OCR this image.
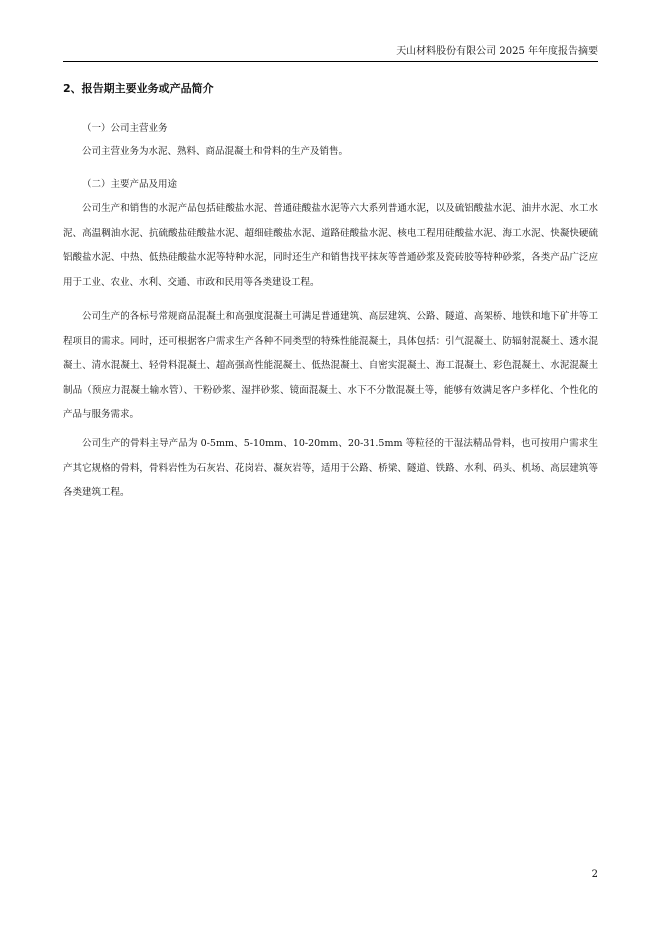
天山材料股份有限公司 2025 年年度报告摘要
2、报告期主要业务或产品简介
（一）公司主营业务

公司主营业务为水泥、熟料、商品混凝土和骨料的生产及销售。

（二）主要产品及用途

公司生产和销售的水泥产品包括硅酸盐水泥、普通硅酸盐水泥等六大系列普通水泥，以及硫铝酸盐水泥、油井水泥、水工水泥、高温稠油水泥、抗硫酸盐硅酸盐水泥、超细硅酸盐水泥、道路硅酸盐水泥、核电工程用硅酸盐水泥、海工水泥、快凝快硬硫铝酸盐水泥、中热、低热硅酸盐水泥等特种水泥，同时还生产和销售找平抹灰等普通砂浆及瓷砖胶等特种砂浆，各类产品广泛应用于工业、农业、水利、交通、市政和民用等各类建设工程。

公司生产的各标号常规商品混凝土和高强度混凝土可满足普通建筑、高层建筑、公路、隧道、高架桥、地铁和地下矿井等工程项目的需求。同时，还可根据客户需求生产各种不同类型的特殊性能混凝土，具体包括：引气混凝土、防辐射混凝土、透水混凝土、清水混凝土、轻骨料混凝土、超高强高性能混凝土、低热混凝土、自密实混凝土、海工混凝土、彩色混凝土、水泥混凝土制品（预应力混凝土输水管）、干粉砂浆、湿拌砂浆、镜面混凝土、水下不分散混凝土等，能够有效满足客户多样化、个性化的产品与服务需求。

公司生产的骨料主导产品为 0-5mm、5-10mm、10-20mm、20-31.5mm 等粒径的干湿法精品骨料，也可按用户需求生产其它规格的骨料，骨料岩性为石灰岩、花岗岩、凝灰岩等，适用于公路、桥梁、隧道、铁路、水利、码头、机场、高层建筑等各类建筑工程。

2
